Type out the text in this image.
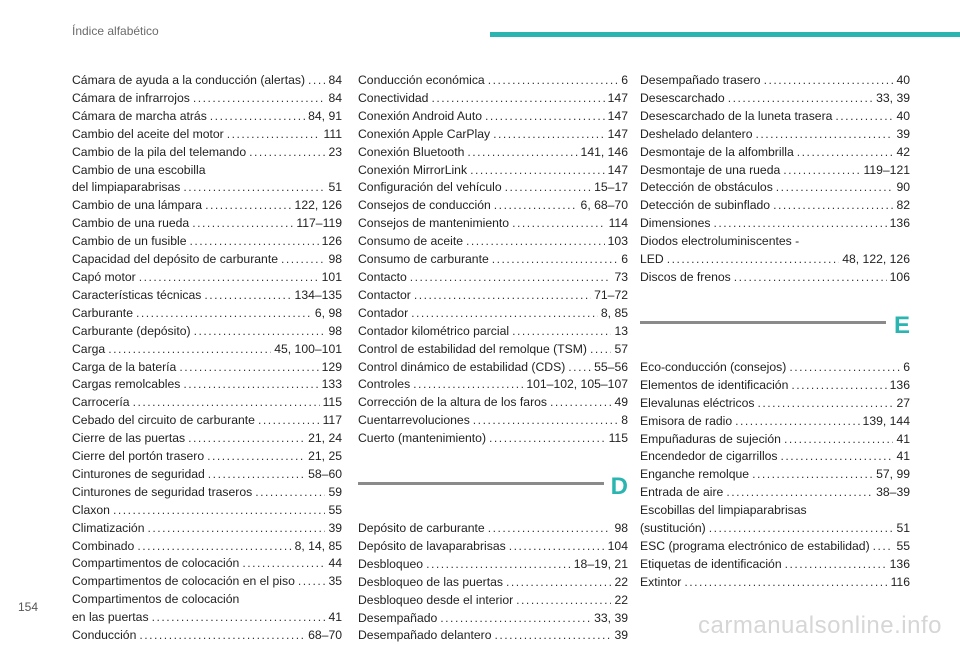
Índice alfabético
Cámara de ayuda a la conducción (alertas) ..... 84
Cámara de infrarrojos .....	84
Cámara de marcha atrás .....	84, 91
Cambio del aceite del motor .....	111
Cambio de la pila del telemando .....	23
Cambio de una escobilla
del limpiaparabrisas .....	51
Cambio de una lámpara .....	122, 126
Cambio de una rueda .....	117–119
Cambio de un fusible .....	126
Capacidad del depósito de carburante .....	98
Capó motor .....	101
Características técnicas .....	134–135
Carburante .....	6, 98
Carburante (depósito) .....	98
Carga .....	45, 100–101
Carga de la batería .....	129
Cargas remolcables .....	133
Carrocería .....	115
Cebado del circuito de carburante .....	117
Cierre de las puertas .....	21, 24
Cierre del portón trasero .....	21, 25
Cinturones de seguridad .....	58–60
Cinturones de seguridad traseros .....	59
Claxon .....	55
Climatización .....	39
Combinado .....	8, 14, 85
Compartimentos de colocación .....	44
Compartimentos de colocación en el piso .....	35
Compartimentos de colocación
en las puertas .....	41
Conducción .....	68–70
Conducción económica .....	6
Conectividad .....	147
Conexión Android Auto .....	147
Conexión Apple CarPlay .....	147
Conexión Bluetooth .....	141, 146
Conexión MirrorLink .....	147
Configuración del vehículo .....	15–17
Consejos de conducción .....	6, 68–70
Consejos de mantenimiento .....	114
Consumo de aceite .....	103
Consumo de carburante .....	6
Contacto .....	73
Contactor .....	71–72
Contador .....	8, 85
Contador kilométrico parcial .....	13
Control de estabilidad del remolque (TSM) ..... 57
Control dinámico de estabilidad (CDS) ..... 55–56
Controles .....	101–102, 105–107
Corrección de la altura de los faros .....	49
Cuentarrevoluciones .....	8
Cuerto (mantenimiento) .....	115
D
Depósito de carburante .....	98
Depósito de lavaparabrisas .....	104
Desbloqueo .....	18–19, 21
Desbloqueo de las puertas .....	22
Desbloqueo desde el interior .....	22
Desempañado .....	33, 39
Desempañado delantero .....	39
Desempañado trasero .....	40
Desescarchado .....	33, 39
Desescarchado de la luneta trasera .....	40
Deshelado delantero .....	39
Desmontaje de la alfombrilla .....	42
Desmontaje de una rueda .....	119–121
Detección de obstáculos .....	90
Detección de subinflado .....	82
Dimensiones .....	136
Diodos electroluminiscentes -
LED .....	48, 122, 126
Discos de frenos .....	106
E
Eco-conducción (consejos) .....	6
Elementos de identificación .....	136
Elevalunas eléctricos .....	27
Emisora de radio .....	139, 144
Empuñaduras de sujeción .....	41
Encendedor de cigarrillos .....	41
Enganche remolque .....	57, 99
Entrada de aire .....	38–39
Escobillas del limpiaparabrisas
(sustitución) .....	51
ESC (programa electrónico de estabilidad) ..... 55
Etiquetas de identificación .....	136
Extintor .....	116
154
carmanualsonline.info
